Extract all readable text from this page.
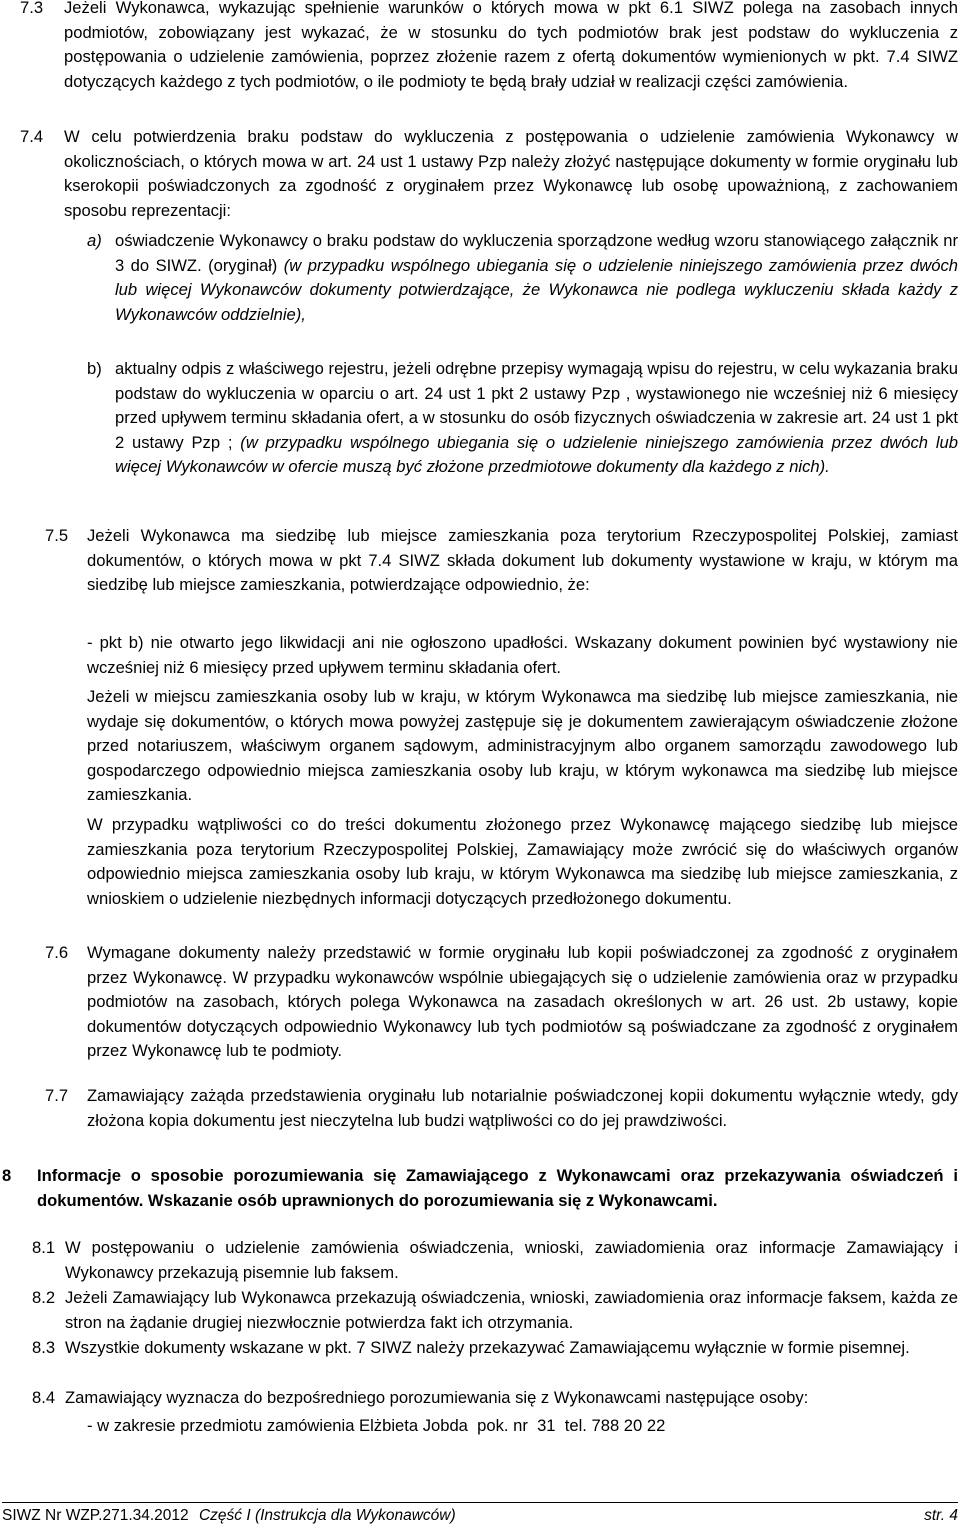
7.3	Jeżeli Wykonawca, wykazując spełnienie warunków o których mowa w pkt 6.1 SIWZ polega na zasobach innych podmiotów, zobowiązany jest wykazać, że w stosunku do tych podmiotów brak jest podstaw do wykluczenia z postępowania o udzielenie zamówienia, poprzez złożenie razem z ofertą dokumentów wymienionych w pkt. 7.4 SIWZ dotyczących każdego z tych podmiotów, o ile podmioty te będą brały udział w realizacji części zamówienia.
7.4	W celu potwierdzenia braku podstaw do wykluczenia z postępowania o udzielenie zamówienia Wykonawcy w okolicznościach, o których mowa w art. 24 ust 1 ustawy Pzp należy złożyć następujące dokumenty w formie oryginału lub kserokopii poświadczonych za zgodność z oryginałem przez Wykonawcę lub osobę upoważnioną, z zachowaniem sposobu reprezentacji:
a) oświadczenie Wykonawcy o braku podstaw do wykluczenia sporządzone według wzoru stanowiącego załącznik nr 3 do SIWZ. (oryginał) (w przypadku wspólnego ubiegania się o udzielenie niniejszego zamówienia przez dwóch lub więcej Wykonawców dokumenty potwierdzające, że Wykonawca nie podlega wykluczeniu składa każdy z Wykonawców oddzielnie),
b) aktualny odpis z właściwego rejestru, jeżeli odrębne przepisy wymagają wpisu do rejestru, w celu wykazania braku podstaw do wykluczenia w oparciu o art. 24 ust 1 pkt 2 ustawy Pzp , wystawionego nie wcześniej niż 6 miesięcy przed upływem terminu składania ofert, a w stosunku do osób fizycznych oświadczenia w zakresie art. 24 ust 1 pkt 2 ustawy Pzp ; (w przypadku wspólnego ubiegania się o udzielenie niniejszego zamówienia przez dwóch lub więcej Wykonawców w ofercie muszą być złożone przedmiotowe dokumenty dla każdego z nich).
7.5	Jeżeli Wykonawca ma siedzibę lub miejsce zamieszkania poza terytorium Rzeczypospolitej Polskiej, zamiast dokumentów, o których mowa w pkt 7.4 SIWZ składa dokument lub dokumenty wystawione w kraju, w którym ma siedzibę lub miejsce zamieszkania, potwierdzające odpowiednio, że:
- pkt b) nie otwarto jego likwidacji ani nie ogłoszono upadłości. Wskazany dokument powinien być wystawiony nie wcześniej niż 6 miesięcy przed upływem terminu składania ofert.
Jeżeli w miejscu zamieszkania osoby lub w kraju, w którym Wykonawca ma siedzibę lub miejsce zamieszkania, nie wydaje się dokumentów, o których mowa powyżej zastępuje się je dokumentem zawierającym oświadczenie złożone przed notariuszem, właściwym organem sądowym, administracyjnym albo organem samorządu zawodowego lub gospodarczego odpowiednio miejsca zamieszkania osoby lub kraju, w którym wykonawca ma siedzibę lub miejsce zamieszkania.
W przypadku wątpliwości co do treści dokumentu złożonego przez Wykonawcę mającego siedzibę lub miejsce zamieszkania poza terytorium Rzeczypospolitej Polskiej, Zamawiający może zwrócić się do właściwych organów odpowiednio miejsca zamieszkania osoby lub kraju, w którym Wykonawca ma siedzibę lub miejsce zamieszkania, z wnioskiem o udzielenie niezbędnych informacji dotyczących przedłożonego dokumentu.
7.6	Wymagane dokumenty należy przedstawić w formie oryginału lub kopii poświadczonej za zgodność z oryginałem przez Wykonawcę. W przypadku wykonawców wspólnie ubiegających się o udzielenie zamówienia oraz w przypadku podmiotów na zasobach, których polega Wykonawca na zasadach określonych w art. 26 ust. 2b ustawy, kopie dokumentów dotyczących odpowiednio Wykonawcy lub tych podmiotów są poświadczane za zgodność z oryginałem przez Wykonawcę lub te podmioty.
7.7	Zamawiający zażąda przedstawienia oryginału lub notarialnie poświadczonej kopii dokumentu wyłącznie wtedy, gdy złożona kopia dokumentu jest nieczytelna lub budzi wątpliwości co do jej prawdziwości.
8	Informacje o sposobie porozumiewania się Zamawiającego z Wykonawcami oraz przekazywania oświadczeń i dokumentów. Wskazanie osób uprawnionych do porozumiewania się z Wykonawcami.
8.1 W postępowaniu o udzielenie zamówienia oświadczenia, wnioski, zawiadomienia oraz informacje Zamawiający i Wykonawcy przekazują pisemnie lub faksem.
8.2 Jeżeli Zamawiający lub Wykonawca przekazują oświadczenia, wnioski, zawiadomienia oraz informacje faksem, każda ze stron na żądanie drugiej niezwłocznie potwierdza fakt ich otrzymania.
8.3 Wszystkie dokumenty wskazane w pkt. 7 SIWZ należy przekazywać Zamawiającemu wyłącznie w formie pisemnej.
8.4 Zamawiający wyznacza do bezpośredniego porozumiewania się z Wykonawcami następujące osoby:
- w zakresie przedmiotu zamówienia Elżbieta Jobda  pok. nr  31  tel. 788 20 22
SIWZ Nr WZP.271.34.2012 Część I (Instrukcja dla Wykonawców)	str. 4
